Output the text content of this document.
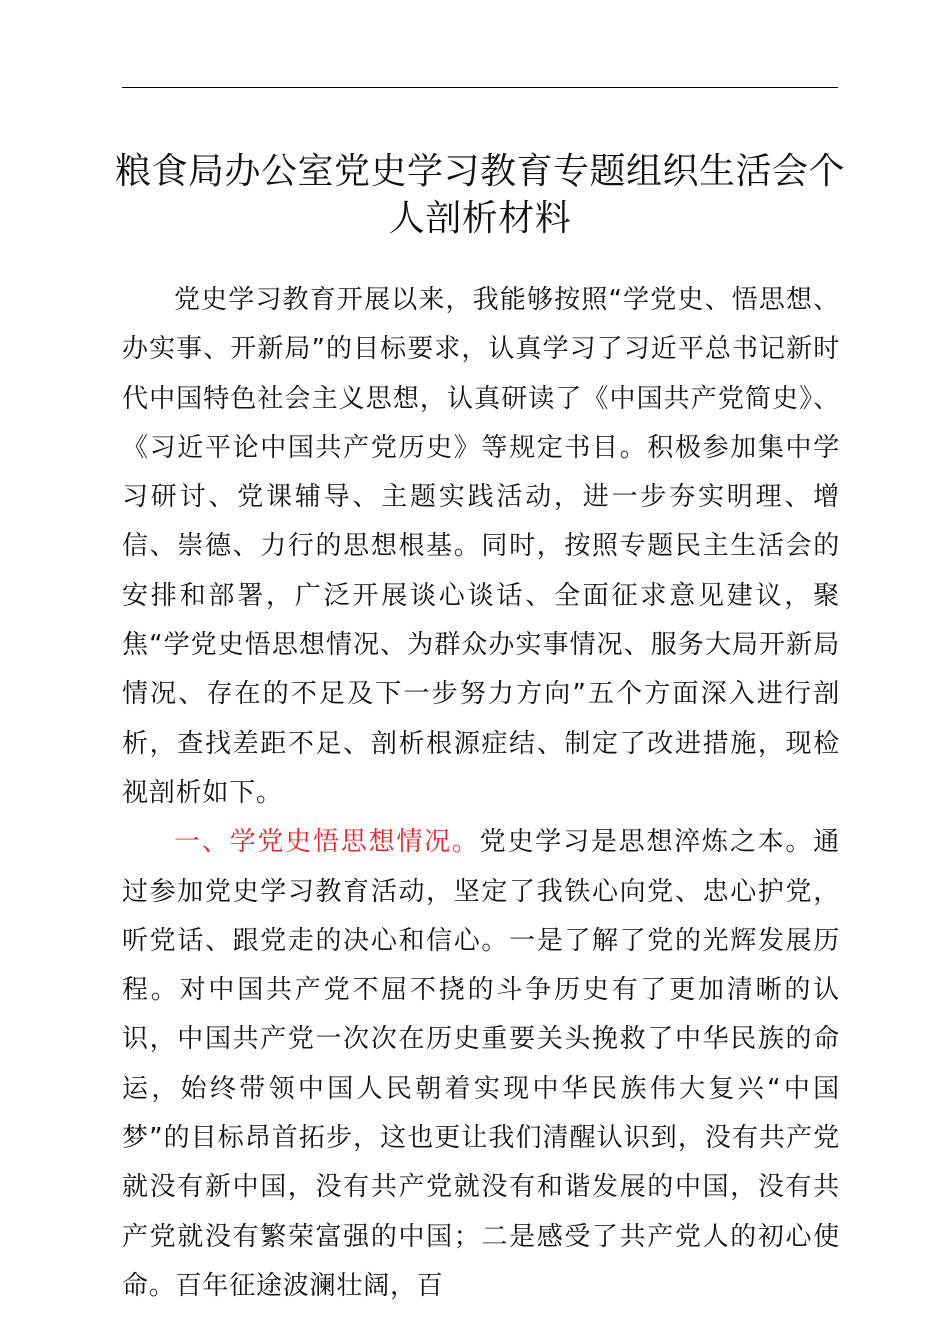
粮食局办公室党史学习教育专题组织生活会个人剖析材料

党史学习教育开展以来，我能够按照“学党史、悟思想、办实事、开新局”的目标要求，认真学习了习近平总书记新时代中国特色社会主义思想，认真研读了《中国共产党简史》、《习近平论中国共产党历史》等规定书目。积极参加集中学习研讨、党课辅导、主题实践活动，进一步夯实明理、增信、崇德、力行的思想根基。同时，按照专题民主生活会的安排和部署，广泛开展谈心谈话、全面征求意见建议，聚焦“学党史悟思想情况、为群众办实事情况、服务大局开新局情况、存在的不足及下一步努力方向”五个方面深入进行剖析，查找差距不足、剖析根源症结、制定了改进措施，现检视剖析如下。

一、学党史悟思想情况。党史学习是思想淬炼之本。通过参加党史学习教育活动，坚定了我铁心向党、忠心护党，听党话、跟党走的决心和信心。一是了解了党的光辉发展历程。对中国共产党不屈不挠的斗争历史有了更加清晰的认识，中国共产党一次次在历史重要关头挽救了中华民族的命运，始终带领中国人民朝着实现中华民族伟大复兴“中国梦”的目标昂首拓步，这也更让我们清醒认识到，没有共产党就没有新中国，没有共产党就没有和谐发展的中国，没有共产党就没有繁荣富强的中国；二是感受了共产党人的初心使命。百年征途波澜壮阔，百
